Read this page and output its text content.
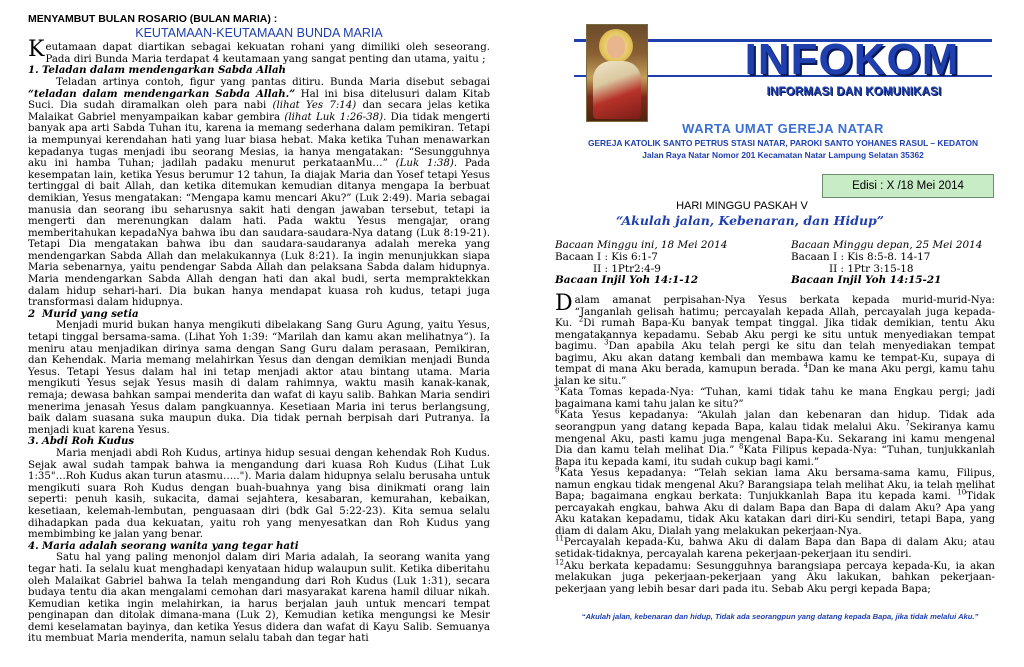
MENYAMBUT BULAN ROSARIO (BULAN MARIA) :

KEUTAMAAN-KEUTAMAAN BUNDA MARIA

Keutamaan dapat diartikan sebagai kekuatan rohani yang dimiliki oleh seseorang. Pada diri Bunda Maria terdapat 4 keutamaan yang sangat penting dan utama, yaitu ;

1. Teladan dalam mendengarkan Sabda Allah

Teladan artinya contoh, figur yang pantas ditiru. Bunda Maria disebut sebagai “teladan dalam mendengarkan Sabda Allah.” Hal ini bisa ditelusuri dalam Kitab Suci. Dia sudah diramalkan oleh para nabi (lihat Yes 7:14) dan secara jelas ketika Malaikat Gabriel menyampaikan kabar gembira (lihat Luk 1:26-38). Dia tidak mengerti banyak apa arti Sabda Tuhan itu, karena ia memang sederhana dalam pemikiran. Tetapi ia mempunyai kerendahan hati yang luar biasa hebat. Maka ketika Tuhan menawarkan kepadanya tugas menjadi ibu seorang Mesias, ia hanya mengatakan: “Sesungguhnya aku ini hamba Tuhan; jadilah padaku menurut perkataanMu…” (Luk 1:38). Pada kesempatan lain, ketika Yesus berumur 12 tahun, Ia diajak Maria dan Yosef tetapi Yesus tertinggal di bait Allah, dan ketika ditemukan kemudian ditanya mengapa Ia berbuat demikian, Yesus mengatakan: “Mengapa kamu mencari Aku?” (Luk 2:49). Maria sebagai manusia dan seorang ibu seharusnya sakit hati dengan jawaban tersebut, tetapi ia mengerti dan merenungkan dalam hati. Pada waktu Yesus mengajar, orang memberitahukan kepadaNya bahwa ibu dan saudara-saudara-Nya datang (Luk 8:19-21). Tetapi Dia mengatakan bahwa ibu dan saudara-saudaranya adalah mereka yang mendengarkan Sabda Allah dan melakukannya (Luk 8:21). Ia ingin menunjukkan siapa Maria sebenarnya, yaitu pendengar Sabda Allah dan pelaksana Sabda dalam hidupnya. Maria mendengarkan Sabda Allah dengan hati dan akal budi, serta mempraktekkan dalam hidup sehari-hari. Dia bukan hanya mendapat kuasa roh kudus, tetapi juga transformasi dalam hidupnya.

2 Murid yang setia

Menjadi murid bukan hanya mengikuti dibelakang Sang Guru Agung, yaitu Yesus, tetapi tinggal bersama-sama. (Lihat Yoh 1:39: “Marilah dan kamu akan melihatnya”). Ia meniru atau menjadikan dirinya sama dengan Sang Guru dalam perasaan, Pemikiran, dan Kehendak. Maria memang melahirkan Yesus dan dengan demikian menjadi Bunda Yesus. Tetapi Yesus dalam hal ini tetap menjadi aktor atau bintang utama. Maria mengikuti Yesus sejak Yesus masih di dalam rahimnya, waktu masih kanak-kanak, remaja; dewasa bahkan sampai menderita dan wafat di kayu salib. Bahkan Maria sendiri menerima jenasah Yesus dalam pangkuannya. Kesetiaan Maria ini terus berlangsung, baik dalam suasana suka maupun duka. Dia tidak pernah berpisah dari Putranya. Ia menjadi kuat karena Yesus.

3. Abdi Roh Kudus

Maria menjadi abdi Roh Kudus, artinya hidup sesuai dengan kehendak Roh Kudus. Sejak awal sudah tampak bahwa ia mengandung dari kuasa Roh Kudus (Lihat Luk 1:35"…Roh Kudus akan turun atasmu….."). Maria dalam hidupnya selalu berusaha untuk mengikuti suara Roh Kudus dengan buah-buahnya yang bisa dinikmati orang lain seperti: penuh kasih, sukacita, damai sejahtera, kesabaran, kemurahan, kebaikan, kesetiaan, kelemah-lembutan, penguasaan diri (bdk Gal 5:22-23). Kita semua selalu dihadapkan pada dua kekuatan, yaitu roh yang menyesatkan dan Roh Kudus yang membimbing ke jalan yang benar.

4. Maria adalah seorang wanita yang tegar hati

Satu hal yang paling menonjol dalam diri Maria adalah, Ia seorang wanita yang tegar hati. Ia selalu kuat menghadapi kenyataan hidup walaupun sulit. Ketika diberitahu oleh Malaikat Gabriel bahwa Ia telah mengandung dari Roh Kudus (Luk 1:31), secara budaya tentu dia akan mengalami cemohan dari masyarakat karena hamil diluar nikah. Kemudian ketika ingin melahirkan, ia harus berjalan jauh untuk mencari tempat penginapan dan ditolak dimana-mana (Luk 2), Kemudian ketika mengungsi ke Mesir demi keselamatan bayinya, dan ketika Yesus didera dan wafat di Kayu Salib. Semuanya itu membuat Maria menderita, namun selalu tabah dan tegar hati

INFOKOM
INFORMASI DAN KOMUNIKASI
WARTA UMAT GEREJA NATAR
GEREJA KATOLIK SANTO PETRUS STASI NATAR, PAROKI SANTO YOHANES RASUL – KEDATON
Jalan Raya Natar Nomor 201 Kecamatan Natar Lampung Selatan 35362
Edisi : X /18 Mei 2014
HARI MINGGU PASKAH V
“Akulah jalan, Kebenaran, dan Hidup”

Bacaan Minggu ini, 18 Mei 2014

Bacaan I : Kis 6:1-7

II : 1Ptr2:4-9

Bacaan Injil Yoh 14:1-12

Bacaan Minggu depan, 25 Mei 2014

Bacaan I : Kis 8:5-8. 14-17

II : 1Ptr 3:15-18

Bacaan Injil Yoh 14:15-21

Dalam amanat perpisahan-Nya Yesus berkata kepada murid-murid-Nya: “Janganlah gelisah hatimu; percayalah kepada Allah, percayalah juga kepada-Ku. $^2$Di rumah Bapa-Ku banyak tempat tinggal. Jika tidak demikian, tentu Aku mengatakannya kepadamu. Sebab Aku pergi ke situ untuk menyediakan tempat bagimu. $^3$Dan apabila Aku telah pergi ke situ dan telah menyediakan tempat bagimu, Aku akan datang kembali dan membawa kamu ke tempat-Ku, supaya di tempat di mana Aku berada, kamupun berada. $^4$Dan ke mana Aku pergi, kamu tahu jalan ke situ.”
$^5$Kata Tomas kepada-Nya: “Tuhan, kami tidak tahu ke mana Engkau pergi; jadi bagaimana kami tahu jalan ke situ?”
$^6$Kata Yesus kepadanya: “Akulah jalan dan kebenaran dan hidup. Tidak ada seorangpun yang datang kepada Bapa, kalau tidak melalui Aku. $^7$Sekiranya kamu mengenal Aku, pasti kamu juga mengenal Bapa-Ku. Sekarang ini kamu mengenal Dia dan kamu telah melihat Dia.” $^8$Kata Filipus kepada-Nya: “Tuhan, tunjukkanlah Bapa itu kepada kami, itu sudah cukup bagi kami.”
$^9$Kata Yesus kepadanya: “Telah sekian lama Aku bersama-sama kamu, Filipus, namun engkau tidak mengenal Aku? Barangsiapa telah melihat Aku, ia telah melihat Bapa; bagaimana engkau berkata: Tunjukkanlah Bapa itu kepada kami. $^{10}$Tidak percayakah engkau, bahwa Aku di dalam Bapa dan Bapa di dalam Aku? Apa yang Aku katakan kepadamu, tidak Aku katakan dari diri-Ku sendiri, tetapi Bapa, yang diam di dalam Aku, Dialah yang melakukan pekerjaan-Nya.
$^{11}$Percayalah kepada-Ku, bahwa Aku di dalam Bapa dan Bapa di dalam Aku; atau setidak-tidaknya, percayalah karena pekerjaan-pekerjaan itu sendiri.
$^{12}$Aku berkata kepadamu: Sesungguhnya barangsiapa percaya kepada-Ku, ia akan melakukan juga pekerjaan-pekerjaan yang Aku lakukan, bahkan pekerjaan-pekerjaan yang lebih besar dari pada itu. Sebab Aku pergi kepada Bapa;

“Akulah jalan, kebenaran dan hidup, Tidak ada seorangpun yang datang kepada Bapa, jika tidak melalui Aku.”
